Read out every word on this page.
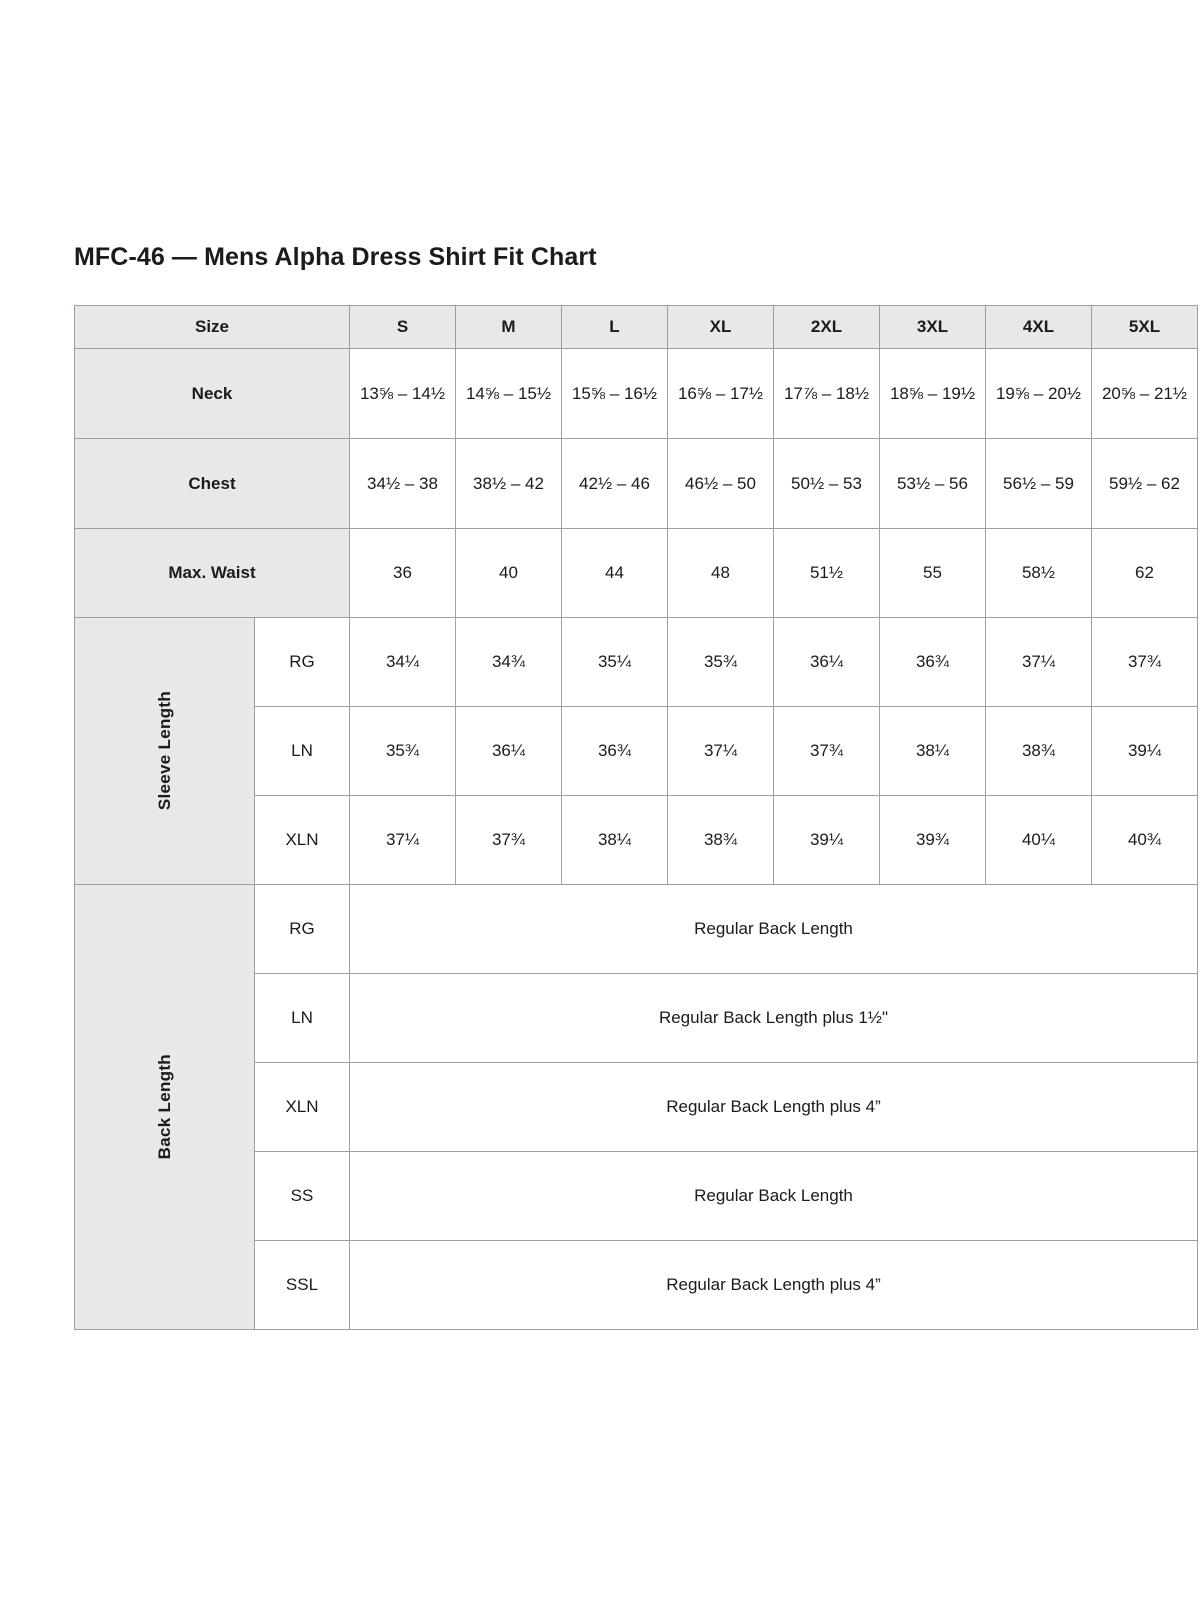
MFC-46 — Mens Alpha Dress Shirt Fit Chart
Size		S	M	L	XL	2XL	3XL	4XL	5XL
Neck		13⅝ – 14½	14⅝ – 15½	15⅝ – 16½	16⅝ – 17½	17⅞ – 18½	18⅝ – 19½	19⅝ – 20½	20⅝ – 21½
Chest		34½ – 38	38½ – 42	42½ – 46	46½ – 50	50½ – 53	53½ – 56	56½ – 59	59½ – 62
Max. Waist		36	40	44	48	51½	55	58½	62

Sleeve Length	RG	34¼	34¾	35¼	35¾	36¼	36¾	37¼	37¾
	LN	35¾	36¼	36¾	37¼	37¾	38¼	38¾	39¼
	XLN	37¼	37¾	38¼	38¾	39¼	39¾	40¼	40¾

Back Length	RG	Regular Back Length							
	LN	Regular Back Length plus 1½"							
	XLN	Regular Back Length plus 4”							
	SS	Regular Back Length							
	SSL	Regular Back Length plus 4”							
